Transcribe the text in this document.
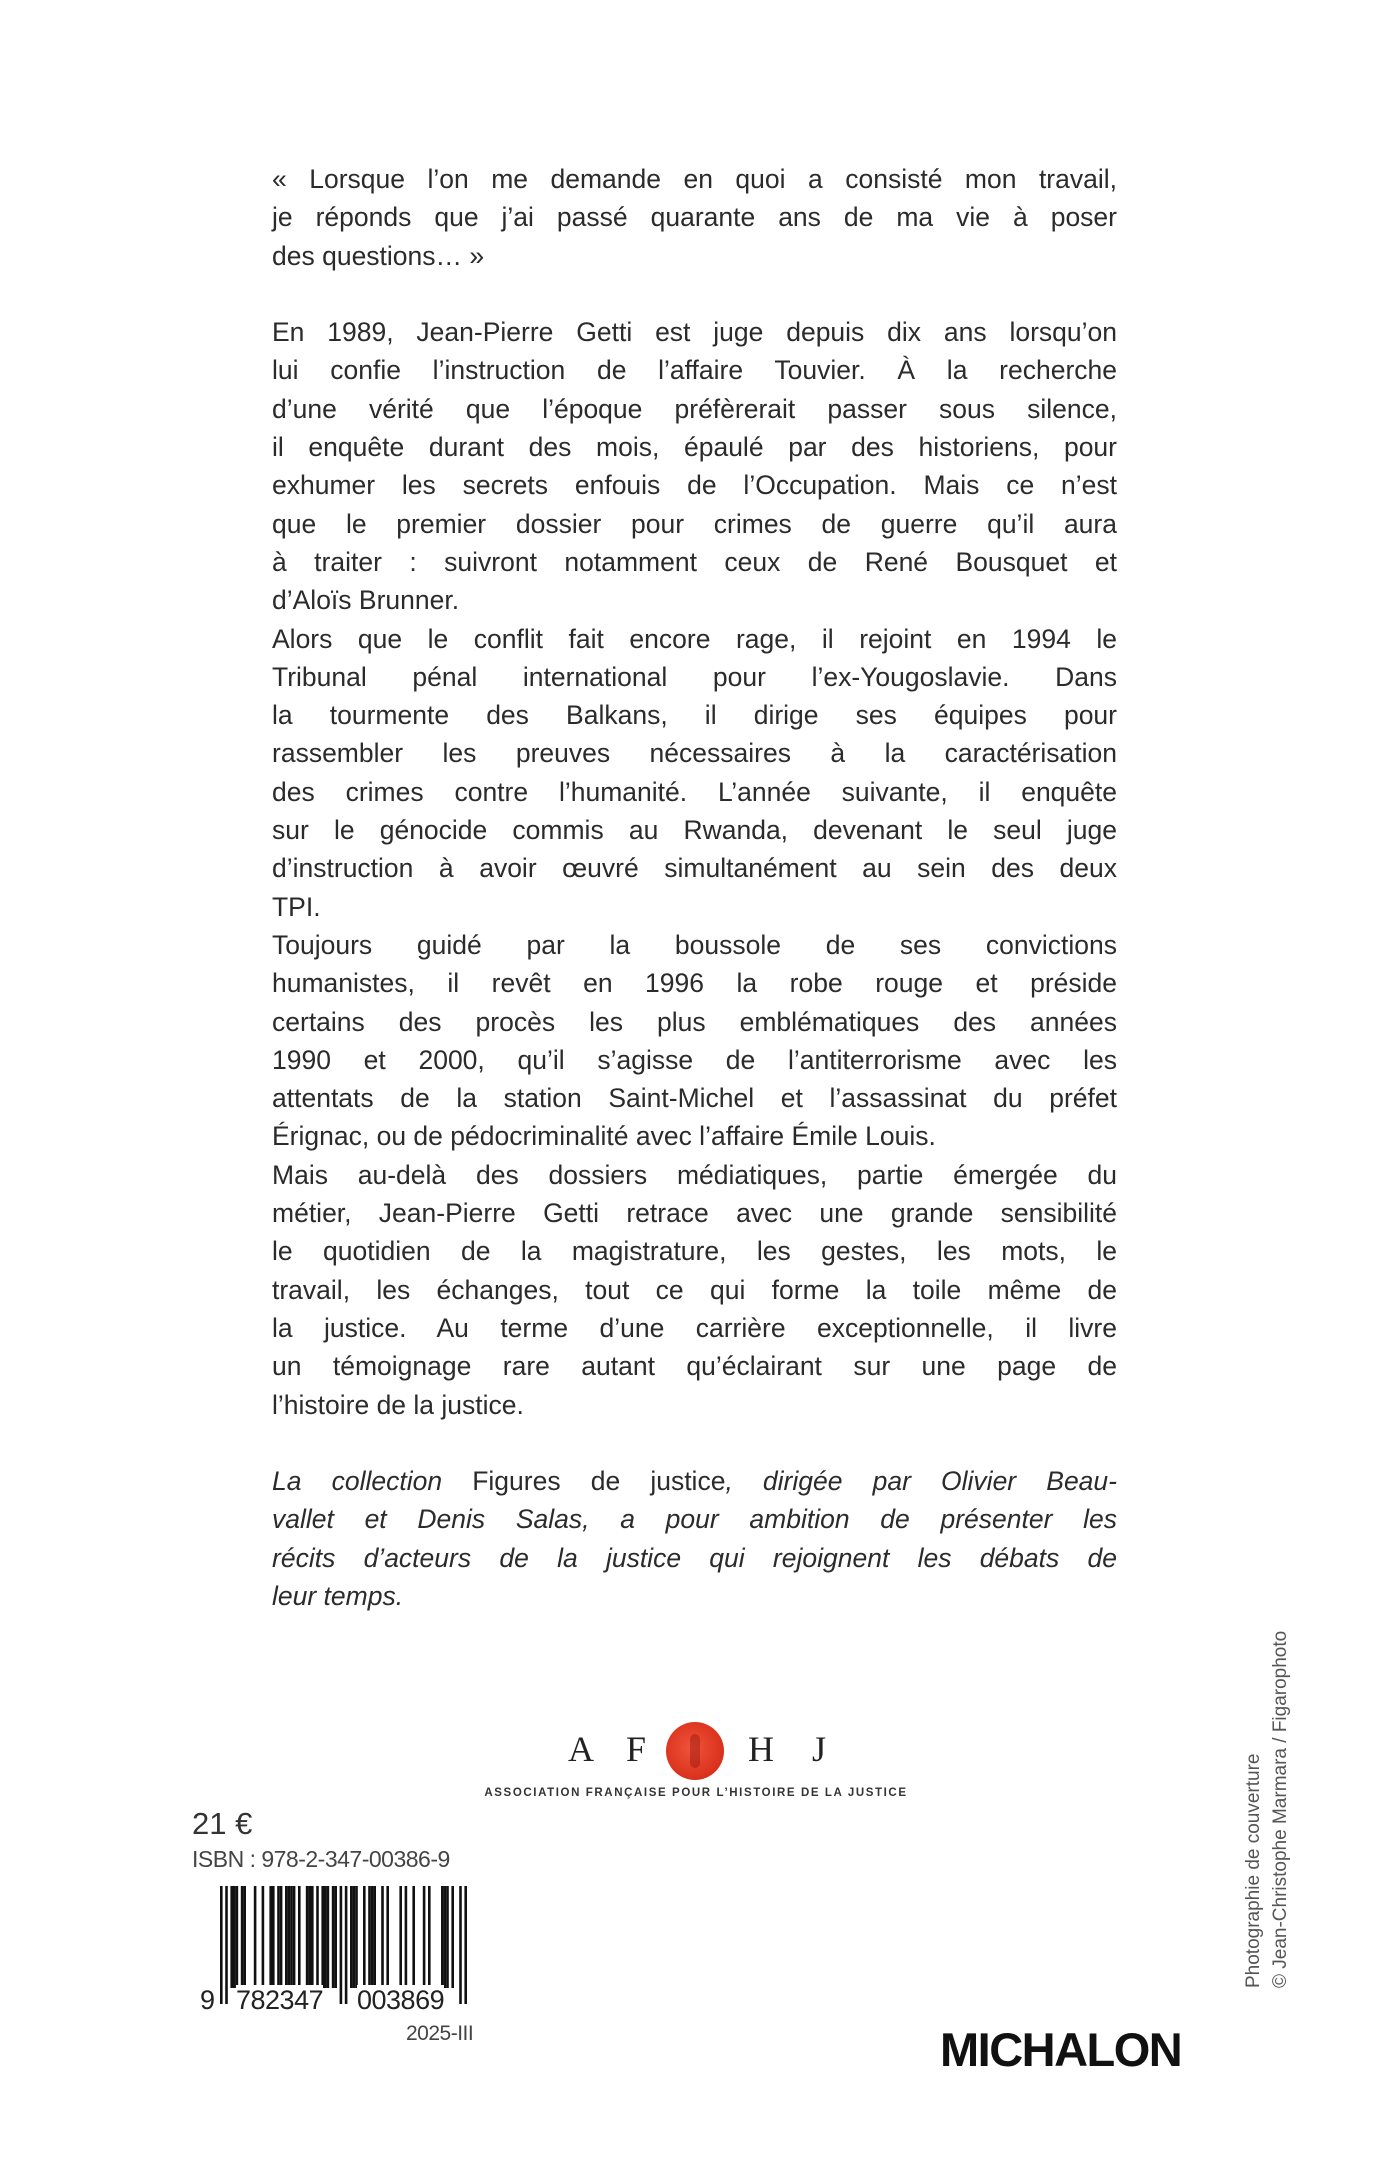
« Lorsque l’on me demande en quoi a consisté mon travail,
je réponds que j’ai passé quarante ans de ma vie à poser
des questions… »
En 1989, Jean-Pierre Getti est juge depuis dix ans lorsqu’on
lui confie l’instruction de l’affaire Touvier. À la recherche
d’une vérité que l’époque préfèrerait passer sous silence,
il enquête durant des mois, épaulé par des historiens, pour
exhumer les secrets enfouis de l’Occupation. Mais ce n’est
que le premier dossier pour crimes de guerre qu’il aura
à traiter : suivront notamment ceux de René Bousquet et
d’Aloïs Brunner.
Alors que le conflit fait encore rage, il rejoint en 1994 le
Tribunal pénal international pour l’ex-Yougoslavie. Dans
la tourmente des Balkans, il dirige ses équipes pour
rassembler les preuves nécessaires à la caractérisation
des crimes contre l’humanité. L’année suivante, il enquête
sur le génocide commis au Rwanda, devenant le seul juge
d’instruction à avoir œuvré simultanément au sein des deux
TPI.
Toujours guidé par la boussole de ses convictions
humanistes, il revêt en 1996 la robe rouge et préside
certains des procès les plus emblématiques des années
1990 et 2000, qu’il s’agisse de l’antiterrorisme avec les
attentats de la station Saint-Michel et l’assassinat du préfet
Érignac, ou de pédocriminalité avec l’affaire Émile Louis.
Mais au-delà des dossiers médiatiques, partie émergée du
métier, Jean-Pierre Getti retrace avec une grande sensibilité
le quotidien de la magistrature, les gestes, les mots, le
travail, les échanges, tout ce qui forme la toile même de
la justice. Au terme d’une carrière exceptionnelle, il livre
un témoignage rare autant qu’éclairant sur une page de
l’histoire de la justice.
La collection Figures de justice, dirigée par Olivier Beau-
vallet et Denis Salas, a pour ambition de présenter les
récits d’acteurs de la justice qui rejoignent les débats de
leur temps.
A F	H J
ASSOCIATION FRANÇAISE POUR L’HISTOIRE DE LA JUSTICE
21 €
ISBN : 978-2-347-00386-9
9 782347 003869
2025-III	MICHALON
Photographie de couverture © Jean-Christophe Marmara / Figarophoto
